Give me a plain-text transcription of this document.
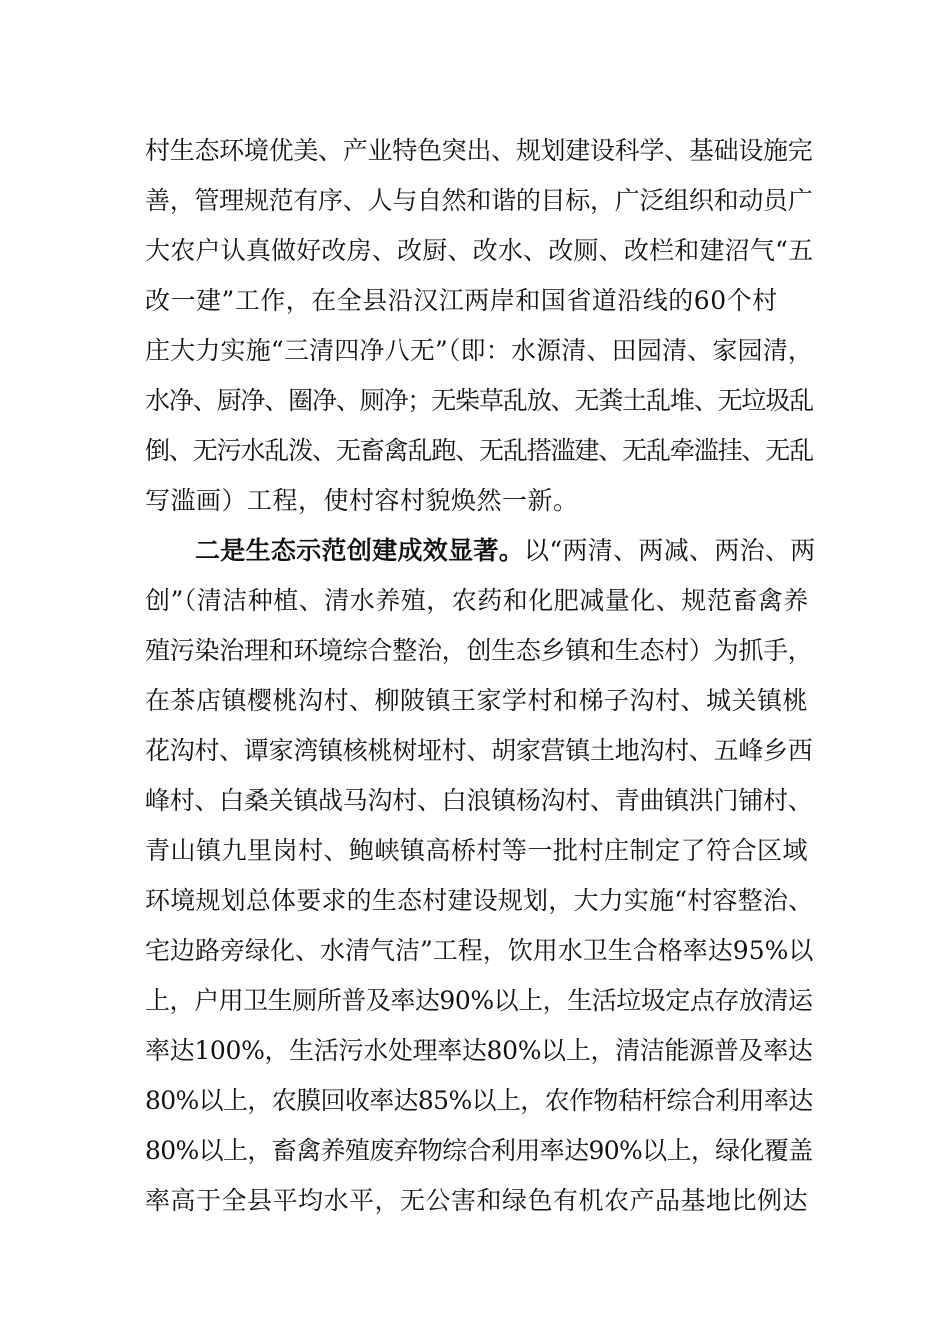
村生态环境优美、产业特色突出、规划建设科学、基础设施完
善，管理规范有序、人与自然和谐的目标，广泛组织和动员广
大农户认真做好改房、改厨、改水、改厕、改栏和建沼气“五
改一建”工作，在全县沿汉江两岸和国省道沿线的60个村
庄大力实施“三清四净八无”（即：水源清、田园清、家园清，
水净、厨净、圈净、厕净；无柴草乱放、无粪土乱堆、无垃圾乱
倒、无污水乱泼、无畜禽乱跑、无乱搭滥建、无乱牵滥挂、无乱
写滥画）工程，使村容村貌焕然一新。
二是生态示范创建成效显著。以“两清、两减、两治、两
创”（清洁种植、清水养殖，农药和化肥减量化、规范畜禽养
殖污染治理和环境综合整治，创生态乡镇和生态村）为抓手，
在茶店镇樱桃沟村、柳陂镇王家学村和梯子沟村、城关镇桃
花沟村、谭家湾镇核桃树垭村、胡家营镇土地沟村、五峰乡西
峰村、白桑关镇战马沟村、白浪镇杨沟村、青曲镇洪门铺村、
青山镇九里岗村、鲍峡镇高桥村等一批村庄制定了符合区域
环境规划总体要求的生态村建设规划，大力实施“村容整治、
宅边路旁绿化、水清气洁”工程，饮用水卫生合格率达95%以
上，户用卫生厕所普及率达90%以上，生活垃圾定点存放清运
率达100%，生活污水处理率达80%以上，清洁能源普及率达
80%以上，农膜回收率达85%以上，农作物秸杆综合利用率达
80%以上，畜禽养殖废弃物综合利用率达90%以上，绿化覆盖
率高于全县平均水平，无公害和绿色有机农产品基地比例达
